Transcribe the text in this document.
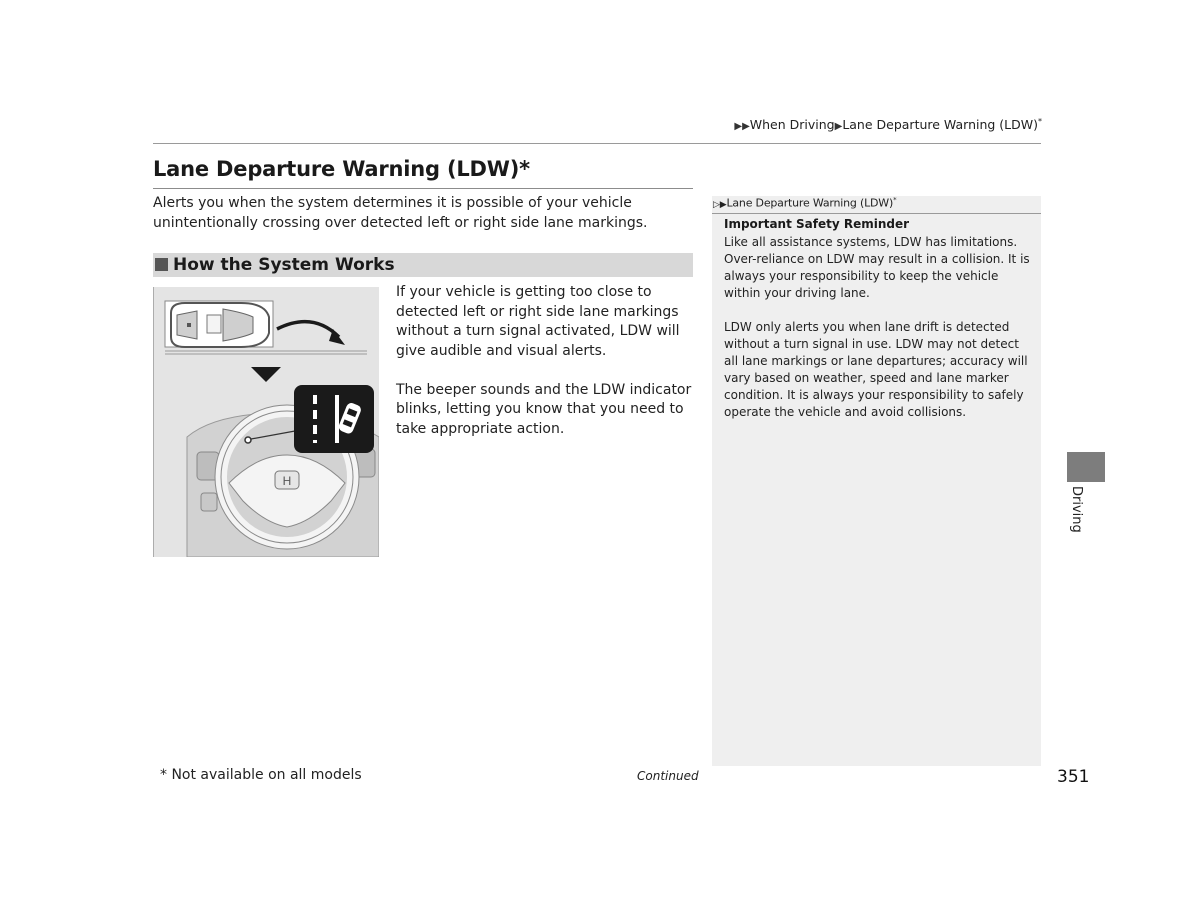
▶▶When Driving▶Lane Departure Warning (LDW)*
Lane Departure Warning (LDW)*
Alerts you when the system determines it is possible of your vehicle unintentionally crossing over detected left or right side lane markings.
How the System Works
H

If your vehicle is getting too close to detected left or right side lane markings without a turn signal activated, LDW will give audible and visual alerts.

The beeper sounds and the LDW indicator blinks, letting you know that you need to take appropriate action.

▷▶Lane Departure Warning (LDW)*
Important Safety Reminder

Like all assistance systems, LDW has limitations. Over-reliance on LDW may result in a collision. It is always your responsibility to keep the vehicle within your driving lane.

LDW only alerts you when lane drift is detected without a turn signal in use. LDW may not detect all lane markings or lane departures; accuracy will vary based on weather, speed and lane marker condition. It is always your responsibility to safely operate the vehicle and avoid collisions.

Driving
* Not available on all models	Continued	351
